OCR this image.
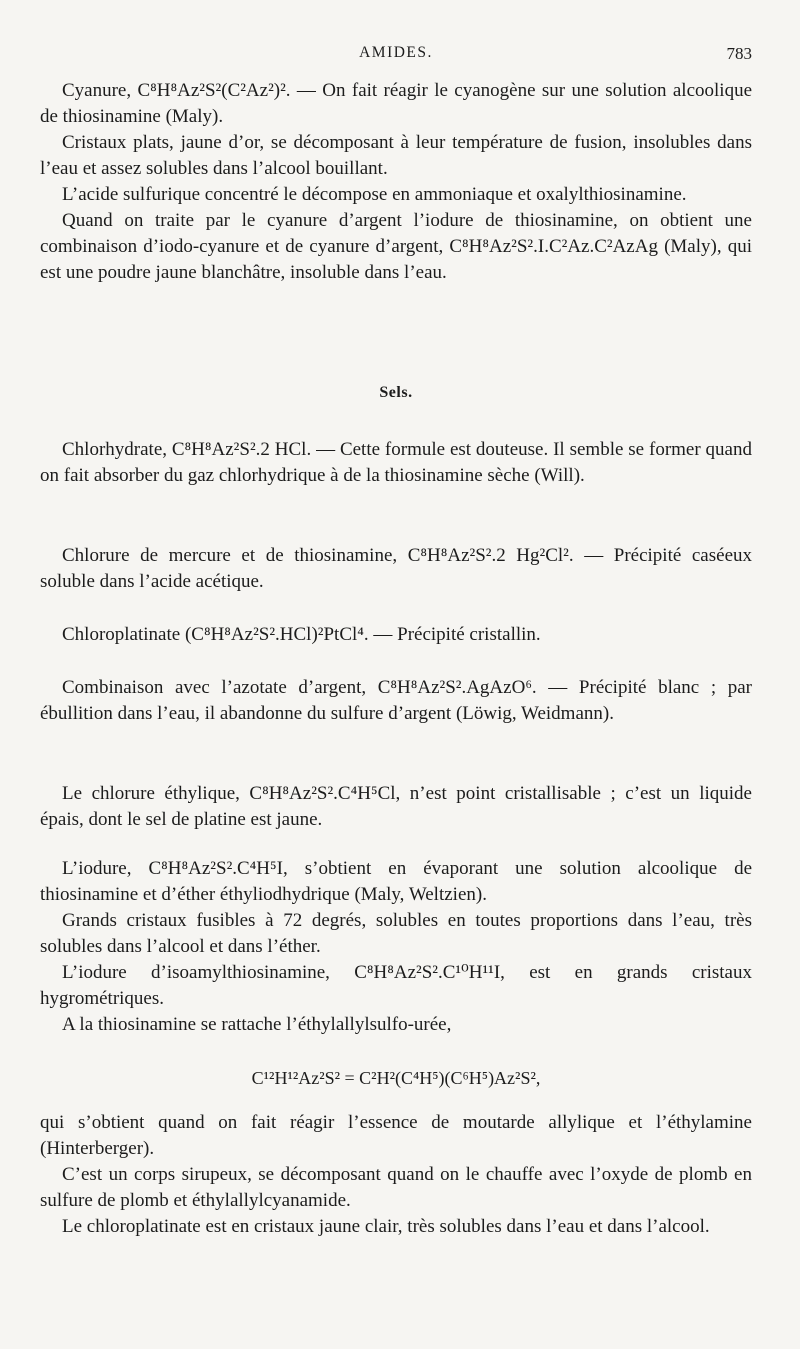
AMIDES.	783

Cyanure, C⁸H⁸Az²S²(C²Az²)². — On fait réagir le cyanogène sur une solution alcoolique de thiosinamine (Maly).

Cristaux plats, jaune d’or, se décomposant à leur température de fusion, insolubles dans l’eau et assez solubles dans l’alcool bouillant.

L’acide sulfurique concentré le décompose en ammoniaque et oxalylthiosinamine.

Quand on traite par le cyanure d’argent l’iodure de thiosinamine, on obtient une combinaison d’iodo-cyanure et de cyanure d’argent, C⁸H⁸Az²S².I.C²Az.C²AzAg (Maly), qui est une poudre jaune blanchâtre, insoluble dans l’eau.

Sels.

Chlorhydrate, C⁸H⁸Az²S².2 HCl. — Cette formule est douteuse. Il semble se former quand on fait absorber du gaz chlorhydrique à de la thiosinamine sèche (Will).

Chlorure de mercure et de thiosinamine, C⁸H⁸Az²S².2 Hg²Cl². — Précipité caséeux soluble dans l’acide acétique.

Chloroplatinate (C⁸H⁸Az²S².HCl)²PtCl⁴. — Précipité cristallin.

Combinaison avec l’azotate d’argent, C⁸H⁸Az²S².AgAzO⁶. — Précipité blanc ; par ébullition dans l’eau, il abandonne du sulfure d’argent (Löwig, Weidmann).

Le chlorure éthylique, C⁸H⁸Az²S².C⁴H⁵Cl, n’est point cristallisable ; c’est un liquide épais, dont le sel de platine est jaune.

L’iodure, C⁸H⁸Az²S².C⁴H⁵I, s’obtient en évaporant une solution alcoolique de thiosinamine et d’éther éthyliodhydrique (Maly, Weltzien).

Grands cristaux fusibles à 72 degrés, solubles en toutes proportions dans l’eau, très solubles dans l’alcool et dans l’éther.

L’iodure d’isoamylthiosinamine, C⁸H⁸Az²S².C¹⁰H¹¹I, est en grands cristaux hygrométriques.

A la thiosinamine se rattache l’éthylallylsulfo-urée,

C¹²H¹²Az²S² = C²H²(C⁴H⁵)(C⁶H⁵)Az²S²,

qui s’obtient quand on fait réagir l’essence de moutarde allylique et l’éthylamine (Hinterberger).

C’est un corps sirupeux, se décomposant quand on le chauffe avec l’oxyde de plomb en sulfure de plomb et éthylallylcyanamide.

Le chloroplatinate est en cristaux jaune clair, très solubles dans l’eau et dans l’alcool.
